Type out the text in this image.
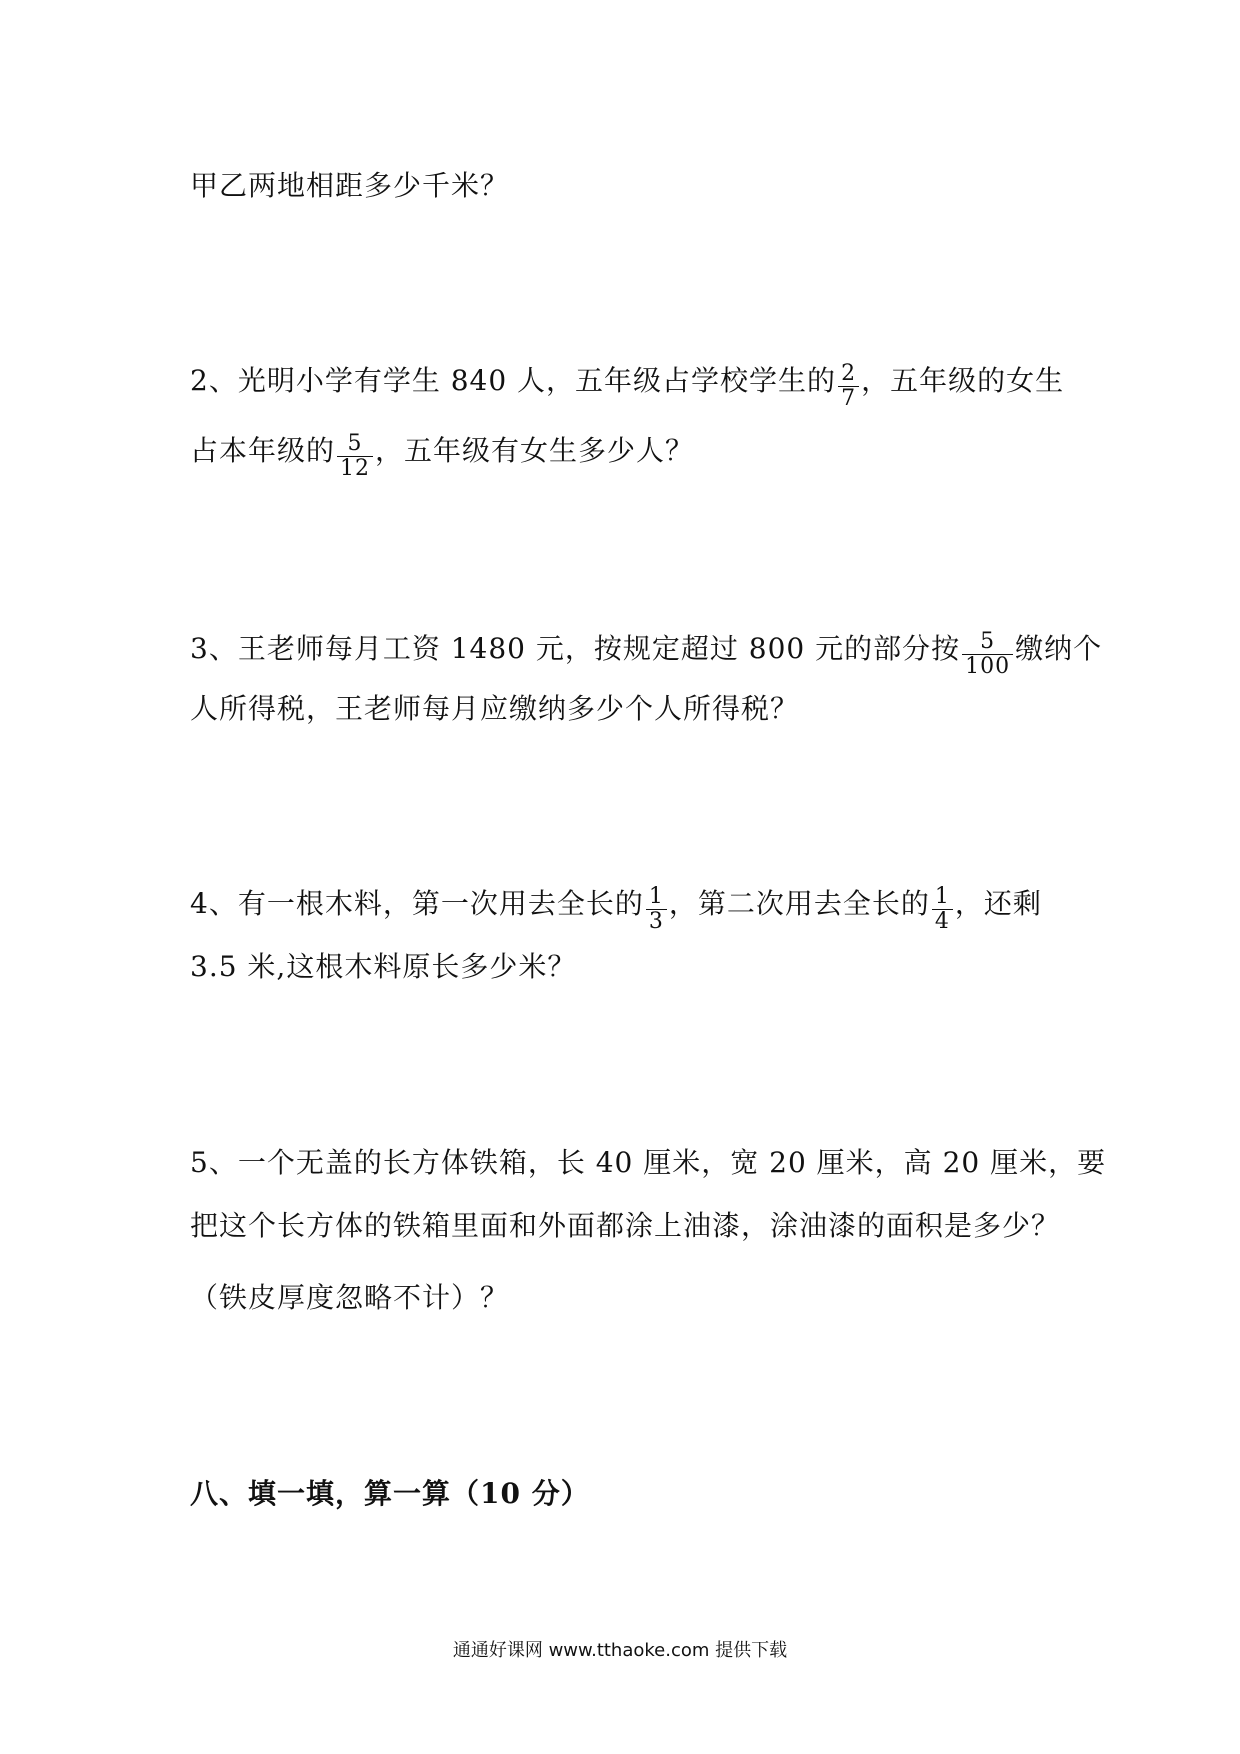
甲乙两地相距多少千米？
2、光明小学有学生 840 人，五年级占学校学生的 $\frac{2}{7}$ ，五年级的女生
占本年级的 $\frac{5}{12}$ ，五年级有女生多少人？
3、王老师每月工资 1480 元，按规定超过 800 元的部分按 $\frac{5}{100}$ 缴纳个
人所得税，王老师每月应缴纳多少个人所得税？
4、有一根木料，第一次用去全长的 $\frac{1}{3}$ ，第二次用去全长的 $\frac{1}{4}$ ，还剩
3.5 米,这根木料原长多少米？
5、一个无盖的长方体铁箱，长 40 厘米，宽 20 厘米，高 20 厘米，要
把这个长方体的铁箱里面和外面都涂上油漆，涂油漆的面积是多少？
（铁皮厚度忽略不计）？
八、填一填，算一算（10 分）
通通好课网 www.tthaoke.com 提供下载
